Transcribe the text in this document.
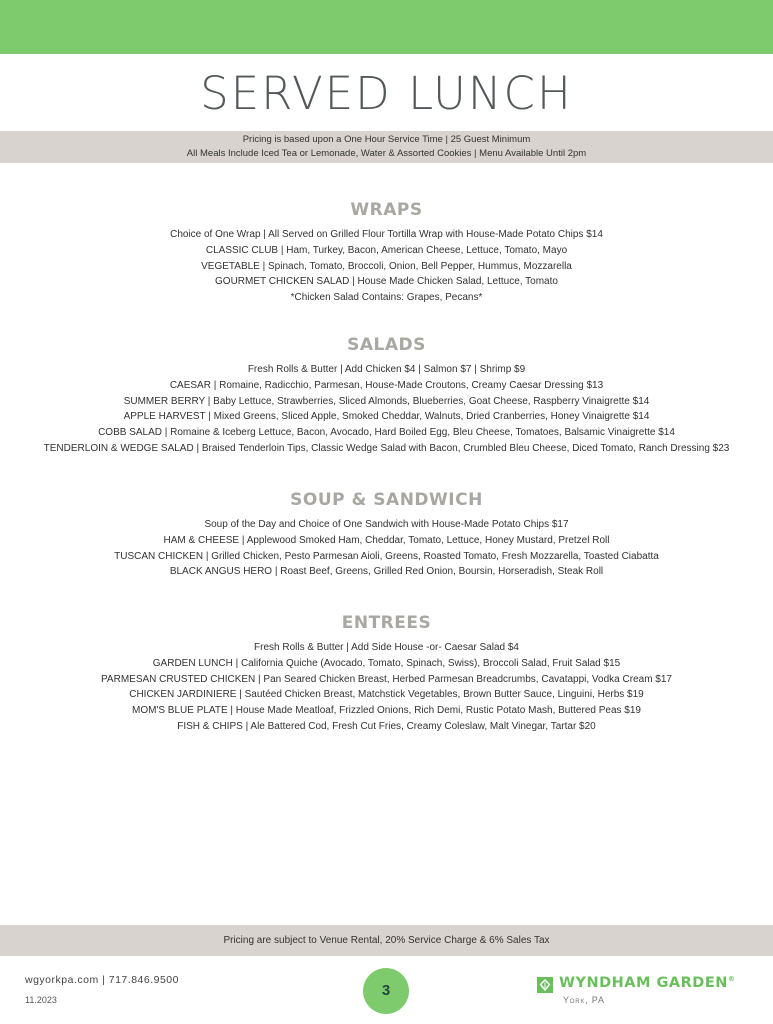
SERVED LUNCH
Pricing is based upon a One Hour Service Time | 25 Guest Minimum
All Meals Include Iced Tea or Lemonade, Water & Assorted Cookies | Menu Available Until 2pm
WRAPS
Choice of One Wrap | All Served on Grilled Flour Tortilla Wrap with House-Made Potato Chips $14
CLASSIC CLUB | Ham, Turkey, Bacon, American Cheese, Lettuce, Tomato, Mayo
VEGETABLE | Spinach, Tomato, Broccoli, Onion, Bell Pepper, Hummus, Mozzarella
GOURMET CHICKEN SALAD | House Made Chicken Salad, Lettuce, Tomato
*Chicken Salad Contains: Grapes, Pecans*
SALADS
Fresh Rolls & Butter | Add Chicken $4 | Salmon $7 | Shrimp $9
CAESAR | Romaine, Radicchio, Parmesan, House-Made Croutons, Creamy Caesar Dressing $13
SUMMER BERRY | Baby Lettuce, Strawberries, Sliced Almonds, Blueberries, Goat Cheese, Raspberry Vinaigrette $14
APPLE HARVEST | Mixed Greens, Sliced Apple, Smoked Cheddar, Walnuts, Dried Cranberries, Honey Vinaigrette $14
COBB SALAD | Romaine & Iceberg Lettuce, Bacon, Avocado, Hard Boiled Egg, Bleu Cheese, Tomatoes, Balsamic Vinaigrette $14
TENDERLOIN & WEDGE SALAD | Braised Tenderloin Tips, Classic Wedge Salad with Bacon, Crumbled Bleu Cheese, Diced Tomato, Ranch Dressing $23
SOUP & SANDWICH
Soup of the Day and Choice of One Sandwich with House-Made Potato Chips $17
HAM & CHEESE | Applewood Smoked Ham, Cheddar, Tomato, Lettuce, Honey Mustard, Pretzel Roll
TUSCAN CHICKEN | Grilled Chicken, Pesto Parmesan Aioli, Greens, Roasted Tomato, Fresh Mozzarella, Toasted Ciabatta
BLACK ANGUS HERO | Roast Beef, Greens, Grilled Red Onion, Boursin, Horseradish, Steak Roll
ENTREES
Fresh Rolls & Butter | Add Side House -or- Caesar Salad $4
GARDEN LUNCH | California Quiche (Avocado, Tomato, Spinach, Swiss), Broccoli Salad, Fruit Salad $15
PARMESAN CRUSTED CHICKEN | Pan Seared Chicken Breast, Herbed Parmesan Breadcrumbs, Cavatappi, Vodka Cream $17
CHICKEN JARDINIERE | Sautéed Chicken Breast, Matchstick Vegetables, Brown Butter Sauce, Linguini, Herbs $19
MOM'S BLUE PLATE | House Made Meatloaf, Frizzled Onions, Rich Demi, Rustic Potato Mash, Buttered Peas $19
FISH & CHIPS | Ale Battered Cod, Fresh Cut Fries, Creamy Coleslaw, Malt Vinegar, Tartar $20
Pricing are subject to Venue Rental, 20% Service Charge & 6% Sales Tax
wgyorkpa.com | 717.846.9500
11.2023
3	WYNDHAM GARDEN®
York, PA
